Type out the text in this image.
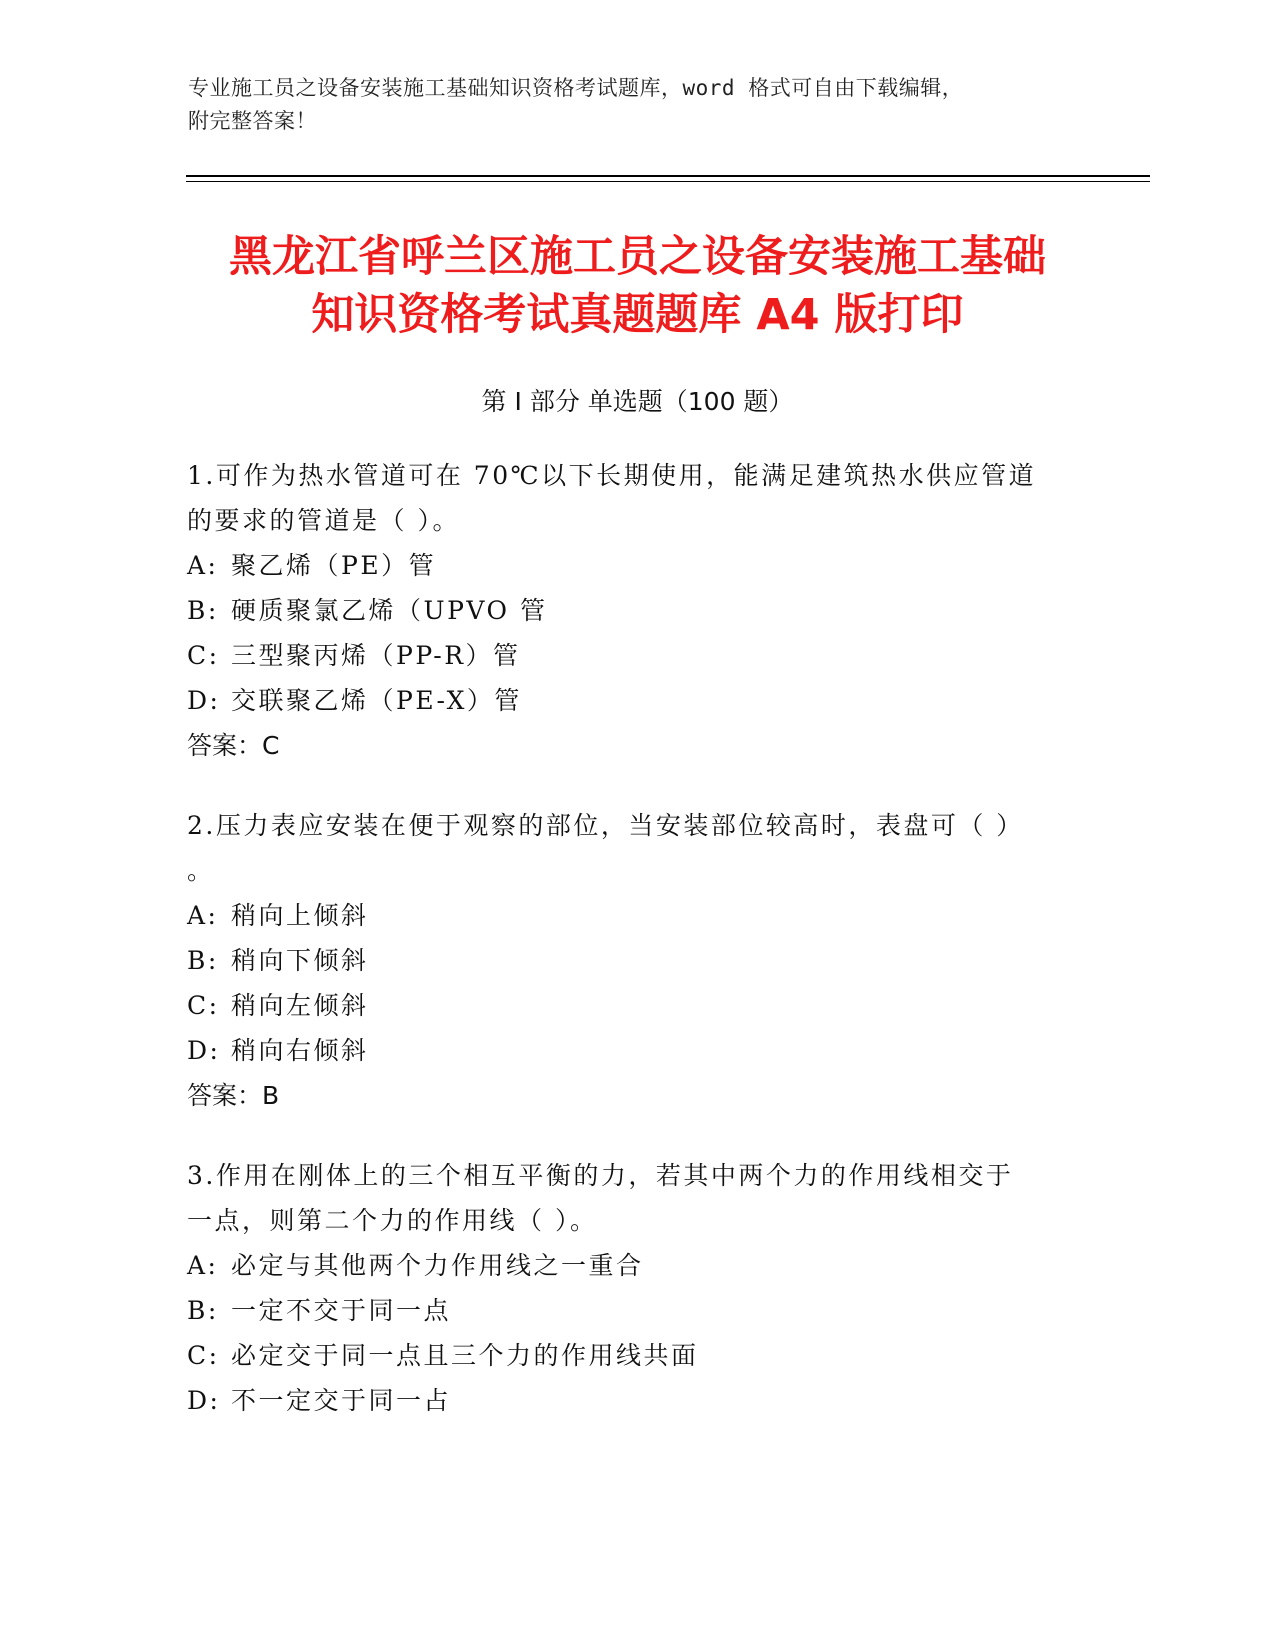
专业施工员之设备安装施工基础知识资格考试题库，word 格式可自由下载编辑，
附完整答案！
黑龙江省呼兰区施工员之设备安装施工基础
知识资格考试真题题库 A4 版打印
第 I 部分 单选题（100 题）
1.可作为热水管道可在 70℃以下长期使用，能满足建筑热水供应管道
的要求的管道是（ ）。
A: 聚乙烯（PE）管
B: 硬质聚氯乙烯（UPVO 管
C: 三型聚丙烯（PP-R）管
D: 交联聚乙烯（PE-X）管
答案：C
2.压力表应安装在便于观察的部位，当安装部位较高时，表盘可（ ）
。
A: 稍向上倾斜
B: 稍向下倾斜
C: 稍向左倾斜
D: 稍向右倾斜
答案：B
3.作用在刚体上的三个相互平衡的力，若其中两个力的作用线相交于
一点，则第二个力的作用线（ ）。
A: 必定与其他两个力作用线之一重合
B: 一定不交于同一点
C: 必定交于同一点且三个力的作用线共面
D: 不一定交于同一占
